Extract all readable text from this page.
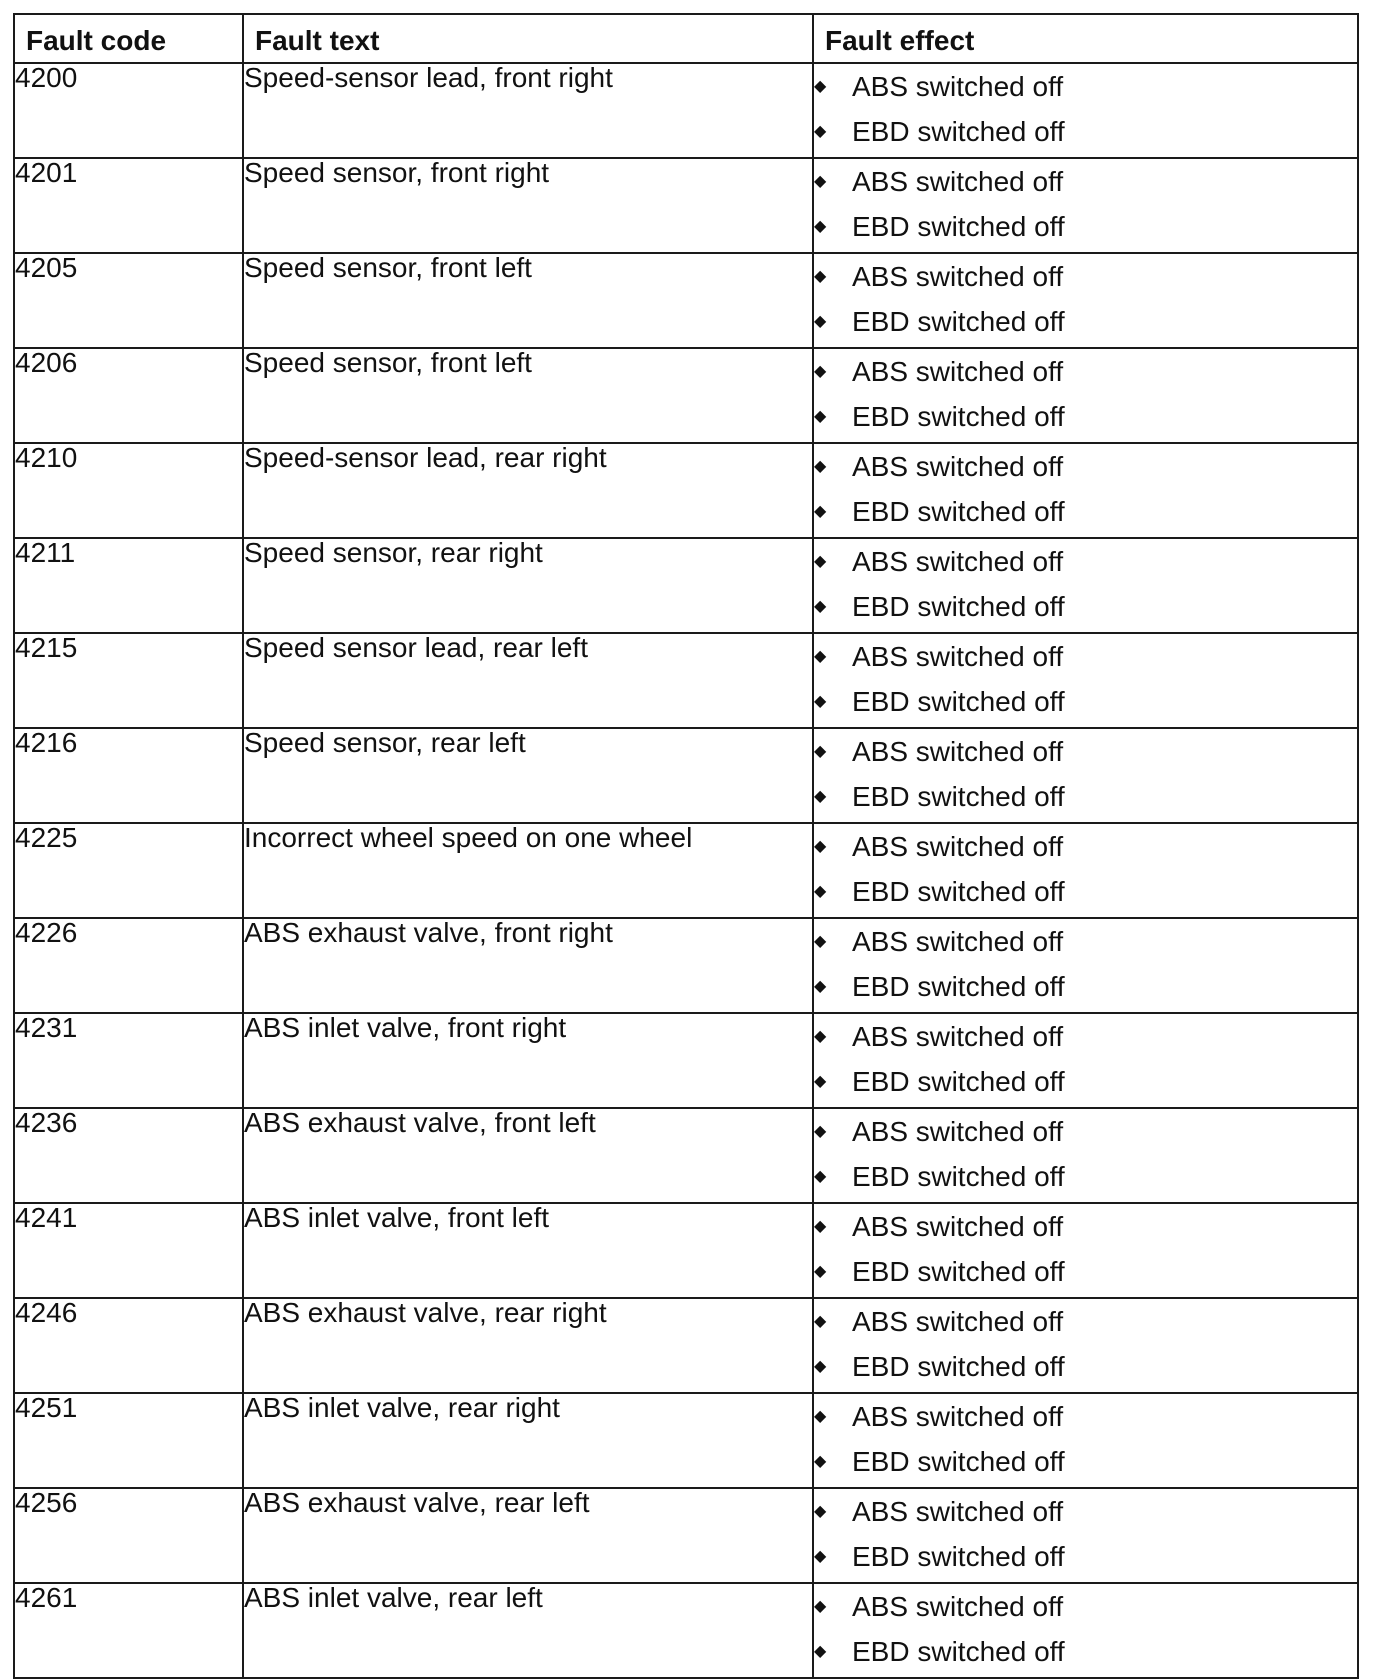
Fault code	Fault text	Fault effect
4200	Speed-sensor lead, front right	◆ ABS switched off
◆ EBD switched off

4201	Speed sensor, front right	◆ ABS switched off
◆ EBD switched off

4205	Speed sensor, front left	◆ ABS switched off
◆ EBD switched off

4206	Speed sensor, front left	◆ ABS switched off
◆ EBD switched off

4210	Speed-sensor lead, rear right	◆ ABS switched off
◆ EBD switched off

4211	Speed sensor, rear right	◆ ABS switched off
◆ EBD switched off

4215	Speed sensor lead, rear left	◆ ABS switched off
◆ EBD switched off

4216	Speed sensor, rear left	◆ ABS switched off
◆ EBD switched off

4225	Incorrect wheel speed on one wheel	◆ ABS switched off
◆ EBD switched off

4226	ABS exhaust valve, front right	◆ ABS switched off
◆ EBD switched off

4231	ABS inlet valve, front right	◆ ABS switched off
◆ EBD switched off

4236	ABS exhaust valve, front left	◆ ABS switched off
◆ EBD switched off

4241	ABS inlet valve, front left	◆ ABS switched off
◆ EBD switched off

4246	ABS exhaust valve, rear right	◆ ABS switched off
◆ EBD switched off

4251	ABS inlet valve, rear right	◆ ABS switched off
◆ EBD switched off

4256	ABS exhaust valve, rear left	◆ ABS switched off
◆ EBD switched off

4261	ABS inlet valve, rear left	◆ ABS switched off
◆ EBD switched off
